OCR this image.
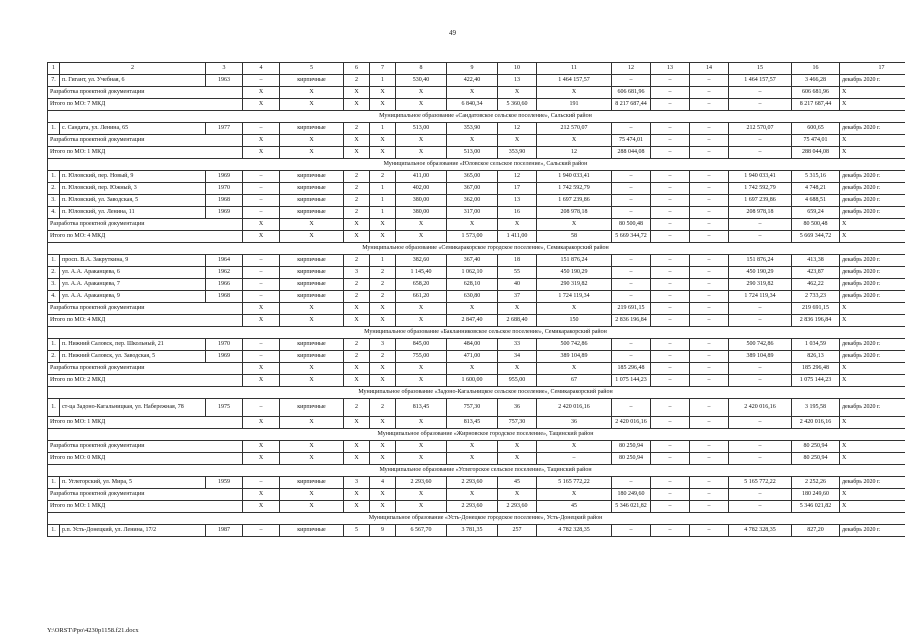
49
1	2	3	4	5	6	7	8	9	10	11	12	13	14	15	16	17	
7.	п. Гигант, ул. Учебная, 6	1963	–	кирпичные	2	1	530,40	422,40	13	1 464 157,57	–	–	–	1 464 157,57	3 466,28	декабрь 2020 г.	
Разработка проектной документации			X	X	X	X	X	X	X	X	606 681,96	–	–	–	606 681,96	X	
Итого по МО: 7 МКД			X	X	X	X	X	6 840,34	5 360,60	191	8 217 687,44	–	–	–	8 217 687,44	X	
Муниципальное образование «Сандатовское сельское поселение», Сальский район																	
1.	с. Сандата, ул. Ленина, 65	1977	–	кирпичные	2	1	513,00	353,90	12	212 570,07	–	–	–	212 570,07	600,65	декабрь 2020 г.	
Разработка проектной документации			X	X	X	X	X	X	X	X	75 474,01	–	–	–	75 474,01	X	
Итого по МО: 1 МКД			X	X	X	X	X	513,00	353,90	12	288 044,08	–	–	–	288 044,08	X	
Муниципальное образование «Юловское сельское поселение», Сальский район																	
1.	п. Юловский, пер. Новый, 9	1969	–	кирпичные	2	2	411,00	365,00	12	1 940 033,41	–	–	–	1 940 033,41	5 315,16	декабрь 2020 г.	
2.	п. Юловский, пер. Южный, 3	1970	–	кирпичные	2	1	402,00	367,00	17	1 742 592,79	–	–	–	1 742 592,79	4 748,21	декабрь 2020 г.	
3.	п. Юловский, ул. Заводская, 5	1968	–	кирпичные	2	1	380,00	362,00	13	1 697 239,86	–	–	–	1 697 239,86	4 688,51	декабрь 2020 г.	
4.	п. Юловский, ул. Ленина, 11	1969	–	кирпичные	2	1	380,00	317,00	16	208 978,18	–	–	–	208 978,18	659,24	декабрь 2020 г.	
Разработка проектной документации			X	X	X	X	X	X	X	X	80 500,48	–	–	–	80 500,48	X	
Итого по МО: 4 МКД			X	X	X	X	X	1 573,00	1 411,00	58	5 669 344,72	–	–	–	5 669 344,72	X	
Муниципальное образование «Семикаракорское городское поселение», Семикаракорский район																	
1.	просп. В.А. Закруткина, 9	1964	–	кирпичные	2	1	382,60	367,40	18	151 876,24	–	–	–	151 876,24	413,38	декабрь 2020 г.	
2.	ул. А.А. Араканцева, 6	1962	–	кирпичные	3	2	1 145,40	1 062,10	55	450 190,29	–	–	–	450 190,29	423,87	декабрь 2020 г.	
3.	ул. А.А. Араканцева, 7	1966	–	кирпичные	2	2	658,20	628,10	40	290 319,82	–	–	–	290 319,82	462,22	декабрь 2020 г.	
4.	ул. А.А. Араканцева, 9	1968	–	кирпичные	2	2	661,20	630,80	37	1 724 119,34	–	–	–	1 724 119,34	2 733,23	декабрь 2020 г.	
Разработка проектной документации			X	X	X	X	X	X	X	X	219 691,15	–	–	–	219 691,15	X	
Итого по МО: 4 МКД			X	X	X	X	X	2 847,40	2 688,40	150	2 836 196,84	–	–	–	2 836 196,84	X	
Муниципальное образование «Бакланниковское сельское поселение», Семикаракорский район																	
1.	п. Нижний Саловск, пер. Школьный, 21	1970	–	кирпичные	2	3	845,00	484,00	33	500 742,86	–	–	–	500 742,86	1 034,59	декабрь 2020 г.	
2.	п. Нижний Саловск, ул. Заводская, 5	1969	–	кирпичные	2	2	755,00	471,00	34	389 104,89	–	–	–	389 104,89	826,13	декабрь 2020 г.	
Разработка проектной документации			X	X	X	X	X	X	X	X	185 296,48	–	–	–	185 296,48	X	
Итого по МО: 2 МКД			X	X	X	X	X	1 600,00	955,00	67	1 075 144,23	–	–	–	1 075 144,23	X	
Муниципальное образование «Задоно-Кагальницкое сельское поселение», Семикаракорский район																	
1.	ст-ца Задоно-Кагальницкая, ул. Набережная, 78	1975	–	кирпичные	2	2	813,45	757,30	36	2 420 016,16	–	–	–	2 420 016,16	3 195,58	декабрь 2020 г.	
Итого по МО: 1 МКД			X	X	X	X	X	813,45	757,30	36	2 420 016,16	–	–	–	2 420 016,16	X	
Муниципальное образование «Жирновское городское поселение», Тацинский район																	
Разработка проектной документации			X	X	X	X	X	X	X	X	80 250,94	–	–	–	80 250,94	X	
Итого по МО: 0 МКД			X	X	X	X	X	X	X	–	80 250,94	–	–	–	80 250,94	X	
Муниципальное образование «Углегорское сельское поселение», Тацинский район																	
1.	п. Углегорский, ул. Мира, 5	1959	–	кирпичные	3	4	2 293,60	2 293,60	45	5 165 772,22	–	–	–	5 165 772,22	2 252,26	декабрь 2020 г.	
Разработка проектной документации			X	X	X	X	X	X	X	X	180 249,60	–	–	–	180 249,60	X	
Итого по МО: 1 МКД			X	X	X	X	X	2 293,60	2 293,60	45	5 346 021,82	–	–	–	5 346 021,82	X	
Муниципальное образование «Усть-Донецкое городское поселение», Усть-Донецкий район																	
1.	р.п. Усть-Донецкий, ул. Ленина, 17/2	1987	–	кирпичные	5	9	6 567,70	3 781,35	257	4 782 328,35	–	–	–	4 782 328,35	827,20	декабрь 2020 г.	
Y:\ORST\Ppo\4230p1158.f21.docx
